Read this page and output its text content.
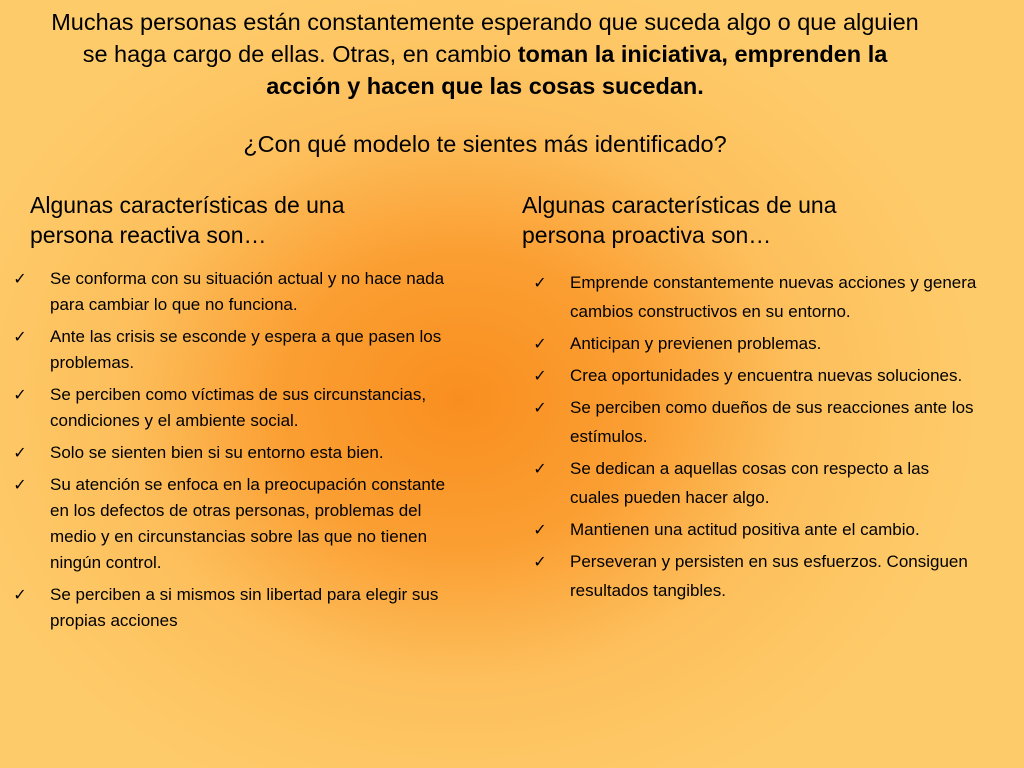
Muchas personas están constantemente esperando que suceda algo o que alguien
se haga cargo de ellas. Otras, en cambio toman la iniciativa, emprenden la
acción y hacen que las cosas sucedan.
¿Con qué modelo te sientes más identificado?
Algunas características de una
persona reactiva son…
Algunas características de una
persona proactiva son…
✓ Se conforma con su situación actual y no hace nada para cambiar lo que no funciona.
✓ Ante las crisis se esconde y espera a que pasen los problemas.
✓ Se perciben como víctimas de sus circunstancias, condiciones y el ambiente social.
✓ Solo se sienten bien si su entorno esta bien.
✓ Su atención se enfoca en la preocupación constante en los defectos de otras personas, problemas del medio y en circunstancias sobre las que no tienen ningún control.
✓ Se perciben a si mismos sin libertad para elegir sus propias acciones
✓ Emprende constantemente nuevas acciones y genera cambios constructivos en su entorno.
✓ Anticipan y previenen problemas.
✓ Crea oportunidades y encuentra nuevas soluciones.
✓ Se perciben como dueños de sus reacciones ante los estímulos.
✓ Se dedican a aquellas cosas con respecto a las cuales pueden hacer algo.
✓ Mantienen una actitud positiva ante el cambio.
✓ Perseveran y persisten en sus esfuerzos. Consiguen resultados tangibles.
